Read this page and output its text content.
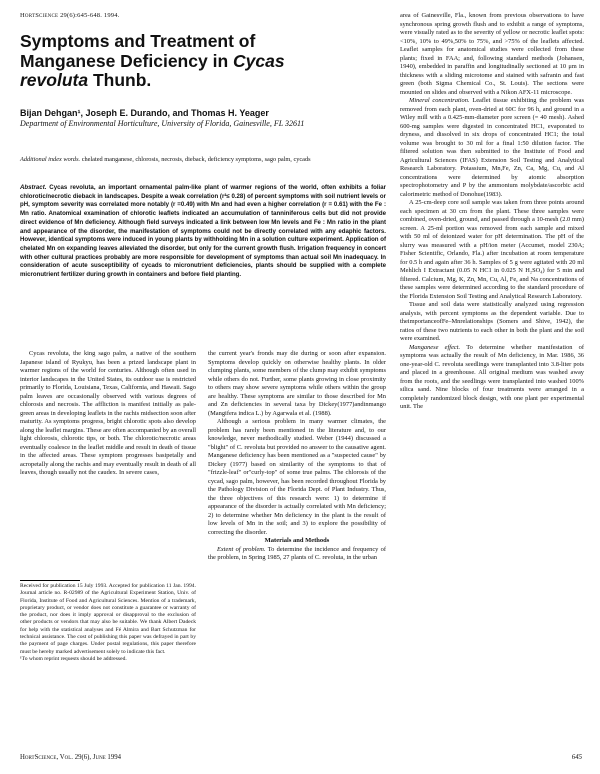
HortScience 29(6):645-648. 1994.
Symptoms and Treatment of Manganese Deficiency in Cycas revoluta Thunb.
Bijan Dehgan¹, Joseph E. Durando, and Thomas H. Yeager
Department of Environmental Horticulture, University of Florida, Gainesville, FL 32611
Additional index words. chelated manganese, chlorosis, necrosis, dieback, deficiency symptoms, sago palm, cycads
Abstract. Cycas revoluta, an important ornamental palm-like plant of warmer regions of the world, often exhibits a foliar chlorotic/necrotic dieback in landscapes. Despite a weak correlation (r²≤ 0.28) of percent symptoms with soil nutrient levels or pH, symptom severity was correlated more notably (r =0.49) with Mn and had even a higher correlation (r = 0.61) with the Fe : Mn ratio. Anatomical examination of chlorotic leaflets indicated an accumulation of tanniniferous cells but did not provide direct evidence of Mn deficiency. Although field surveys indicated a link between low Mn levels and Fe : Mn ratio in the plant and appearance of the disorder, the manifestation of symptoms could not be directly correlated with any edaphic factors. However, identical symptoms were induced in young plants by withholding Mn in a solution culture experiment. Application of chelated Mn on expanding leaves alleviated the disorder, but only for the current growth flush. Irrigation frequency in concert with other cultural practices probably are more responsible for development of symptoms than actual soil Mn inadequacy. In consideration of acute susceptibility of cycads to micronutrient deficiencies, plants should be supplied with a complete micronutrient fertilizer during growth in containers and before field planting.

Cycas revoluta, the king sago palm, a native of the southern Japanese island of Ryukyu, has been a prized landscape plant in warmer regions of the world for centuries. Although often used in interior landscapes in the United States, its outdoor use is restricted primarily to Florida, Louisiana, Texas, California, and Hawaii. Sago palm leaves are occasionally observed with various degrees of chlorosis and necrosis. The affliction is manifest initially as pale-green areas in developing leaflets in the rachis midsection soon after maturity. As symptoms progress, bright chlorotic spots also develop along the leaflet margins. These are often accompanied by an overall light chlorosis, chlorotic tips, or both. The chlorotic/necrotic areas eventually coalesce in the leaflet middle and result in death of tissue in the affected areas. These symptom progresses basipetally and acropetally along the rachis and may eventually result in death of all leaves, though usually not the caudex. In severe cases,

Received for publication 15 July 1993. Accepted for publication 11 Jan. 1994. Journal article no. R-02989 of the Agricultural Experiment Station, Univ. of Florida, Institute of Food and Agricultural Sciences. Mention of a trademark, proprietary product, or vendor does not constitute a guarantee or warranty of the product, nor does it imply approval or disapproval to the exclusion of other products or vendors that may also be suitable. We thank Albert Dadeck for help with the statistical analyses and Fé Almira and Bart Schutzman for technical assistance. The cost of publishing this paper was defrayed in part by the payment of page charges. Under postal regulations, this paper therefore must be hereby marked advertisement solely to indicate this fact.

¹To whom reprint requests should be addressed.

the current year's fronds may die during or soon after expansion. Symptoms develop quickly on otherwise healthy plants. In older clumping plants, some members of the clump may exhibit symptoms while others do not. Further, some plants growing in close proximity to others may show severe symptoms while others within the group are healthy. These symptoms are similar to those described for Mn and Zn deficiencies in several taxa by Dickey(1977)andinmango (Mangifera indica L.) by Agarwala et al. (1988).

Although a serious problem in many warmer climates, the problem has rarely been mentioned in the literature and, to our knowledge, never methodically studied. Weber (1944) discussed a "blight" of C. revoluta but provided no answer to the causative agent. Manganese deficiency has been mentioned as a "suspected cause" by Dickey (1977) based on similarity of the symptoms to that of "frizzle-leaf" or"curly-top" of some true palms. The chlorosis of the cycad, sago palm, however, has been recorded throughout Florida by the Pathology Division of the Florida Dept. of Plant Industry. Thus, the three objectives of this research were: 1) to determine if appearance of the disorder is actually correlated with Mn deficiency; 2) to determine whether Mn deficiency in the plant is the result of low levels of Mn in the soil; and 3) to explore the possibility of correcting the disorder.

Materials and Methods

Extent of problem. To determine the incidence and frequency of the problem, in Spring 1985, 27 plants of C. revoluta, in the urban

area of Gainesville, Fla., known from previous observations to have synchronous spring growth flush and to exhibit a range of symptoms, were visually rated as to the severity of yellow or necrotic leaflet spots:<10%, 10% to 49%,50% to 75%, and >75% of the leaflets affected. Leaflet samples for anatomical studies were collected from these plants; fixed in FAA; and, following standard methods (Johansen, 1940), embedded in paraffin and longitudinally sectioned at 10 μm in thickness with a sliding microtome and stained with safranin and fast green (both Sigma Chemical Co., St. Louis). The sections were mounted on slides and observed with a Nikon AFX-11 microscope.

Mineral concentration. Leaflet tissue exhibiting the problem was removed from each plant, oven-dried at 60C for 96 h, and ground in a Wiley mill with a 0.425-mm-diameter pore screen (= 40 mesh). Ashed 600-mg samples were digested in concentrated HC1, evaporated to dryness, and dissolved in six drops of concentrated HC1; the total volume was brought to 30 ml for a final 1:50 dilution factor. The filtered solution was then submitted to the Institute of Food and Agricultural Sciences (IFAS) Extension Soil Testing and Analytical Research Laboratory. Potassium, Mn,Fe, Zn, Ca, Mg, Cu, and Al concentrations were determined by atomic absorption spectrophotometry and P by the ammonium molybdate/ascorbic acid calorimetric method of Donohue(1983).

A 25-cm-deep core soil sample was taken from three points around each specimen at 30 cm from the plant. These three samples were combined, oven-dried, ground, and passed through a 10-mesh (2.0 mm) screen. A 25-ml portion was removed from each sample and mixed with 50 ml of deionized water for pH determination. The pH of the slurry was measured with a pH/ion meter (Accumet, model 230A; Fisher Scientific, Orlando, Fla.) after incubation at room temperature for 0.5 h and again after 36 h. Samples of 5 g were agitated with 20 ml Mehlich I Extractant (0.05 N HC1 in 0.025 N H₂SO₄) for 5 min and filtered. Calcium, Mg, K, Zn, Mn, Cu, Al, Fe, and Na concentrations of these samples were determined according to the standard procedure of the Florida Extension Soil Testing and Analytical Research Laboratory.

Tissue and soil data were statistically analyzed using regression analysis, with percent symptoms as the dependent variable. Due to theimportanceofFe–Mnrelationships (Somers and Shive, 1942), the ratios of these two nutrients to each other in both the plant and the soil were examined.

Manganese effect. To determine whether manifestation of symptoms was actually the result of Mn deficiency, in Mar. 1986, 36 one-year-old C. revoluta seedlings were transplanted into 3.8-liter pots and placed in a greenhouse. All original medium was washed away from the roots, and the seedlings were transplanted into washed 100% silica sand. Nine blocks of four treatments were arranged in a completely randomized block design, with one plant per experimental unit. The

HortScience, Vol. 29(6), June 1994	645
